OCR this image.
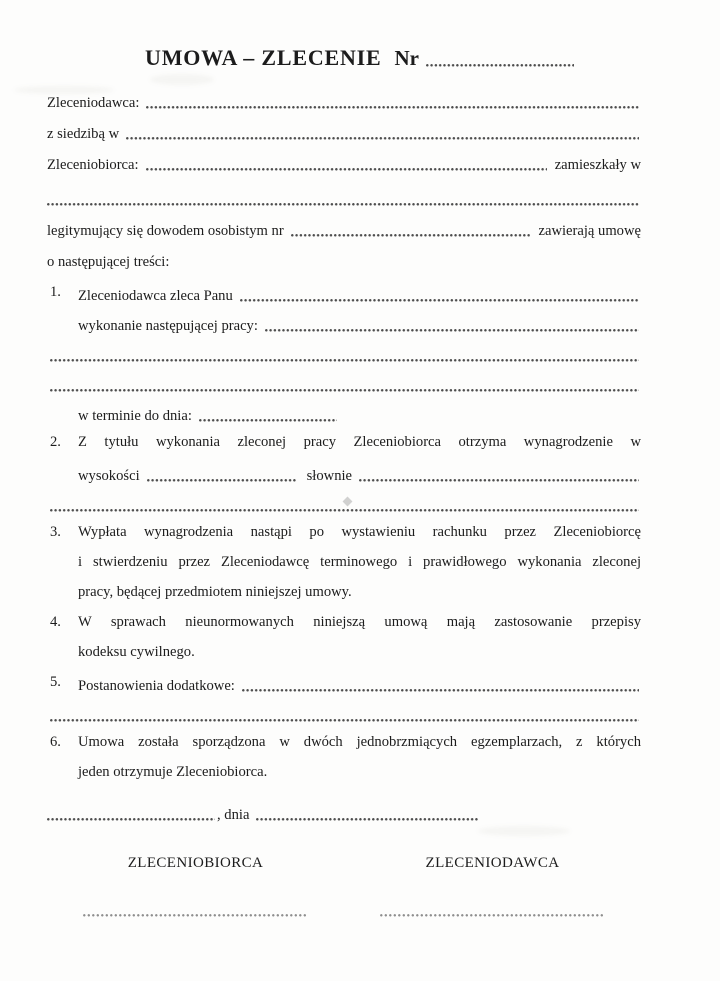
UMOWA – ZLECENIE Nr
Zleceniodawca:
z siedzibą w
Zleceniobiorca:	zamieszkały w
legitymujący się dowodem osobistym nr	zawierają umowę
o następującej treści:
1.	Zleceniodawca zleca Panu
wykonanie następującej pracy:
w terminie do dnia:
2.	Z tytułu wykonania zleconej pracy Zleceniobiorca otrzyma wynagrodzenie w
wysokości	słownie
3.	Wypłata wynagrodzenia nastąpi po wystawieniu rachunku przez Zleceniobiorcę
i stwierdzeniu przez Zleceniodawcę terminowego i prawidłowego wykonania zleconej
pracy, będącej przedmiotem niniejszej umowy.
4.	W sprawach nieunormowanych niniejszą umową mają zastosowanie przepisy
kodeksu cywilnego.
5.	Postanowienia dodatkowe:
6.	Umowa została sporządzona w dwóch jednobrzmiących egzemplarzach, z których
jeden otrzymuje Zleceniobiorca.
, dnia
ZLECENIOBIORCA	ZLECENIODAWCA
